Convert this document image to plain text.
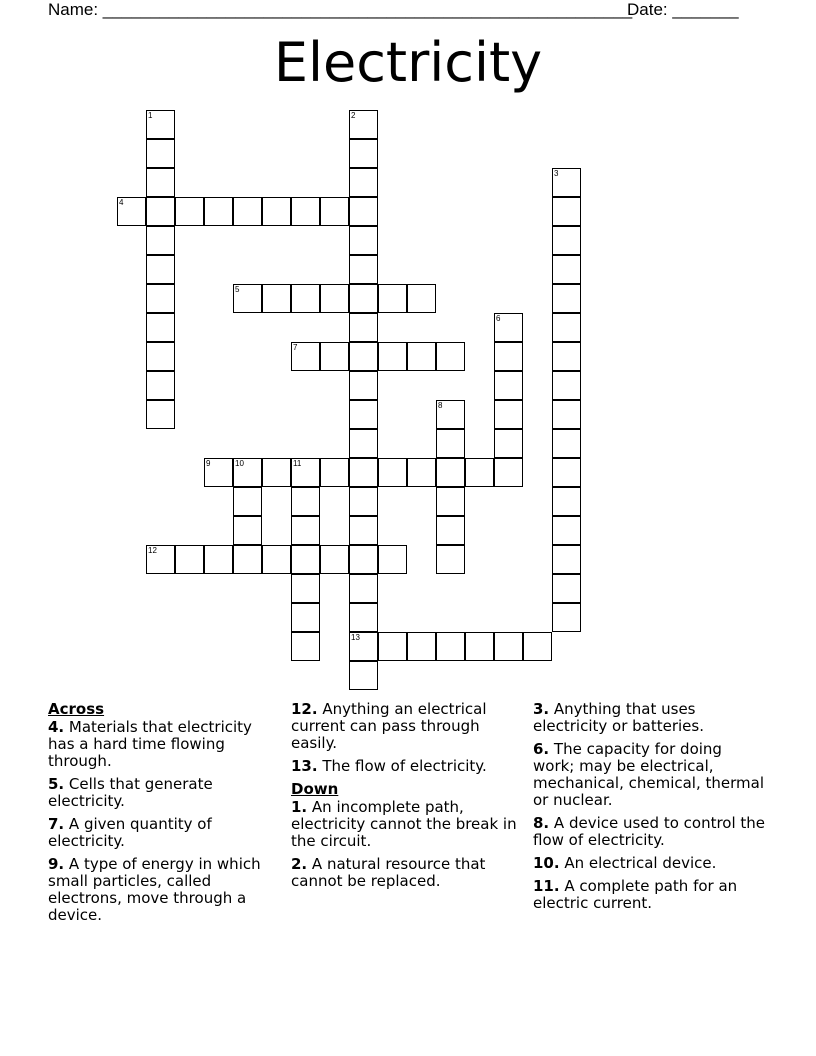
Name: ________________________________________________________
Date: _______
Electricity
1	2
13
3
4
5
6
7
8
9	10	11
12
Across
4. Materials that electricity has a hard time flowing through.
5. Cells that generate electricity.
7. A given quantity of electricity.
9. A type of energy in which small particles, called electrons, move through a device.
12. Anything an electrical current can pass through easily.
13. The flow of electricity.
Down
1. An incomplete path, electricity cannot the break in the circuit.
2. A natural resource that cannot be replaced.
3. Anything that uses electricity or batteries.
6. The capacity for doing work; may be electrical, mechanical, chemical, thermal or nuclear.
8. A device used to control the flow of electricity.
10. An electrical device.
11. A complete path for an electric current.
